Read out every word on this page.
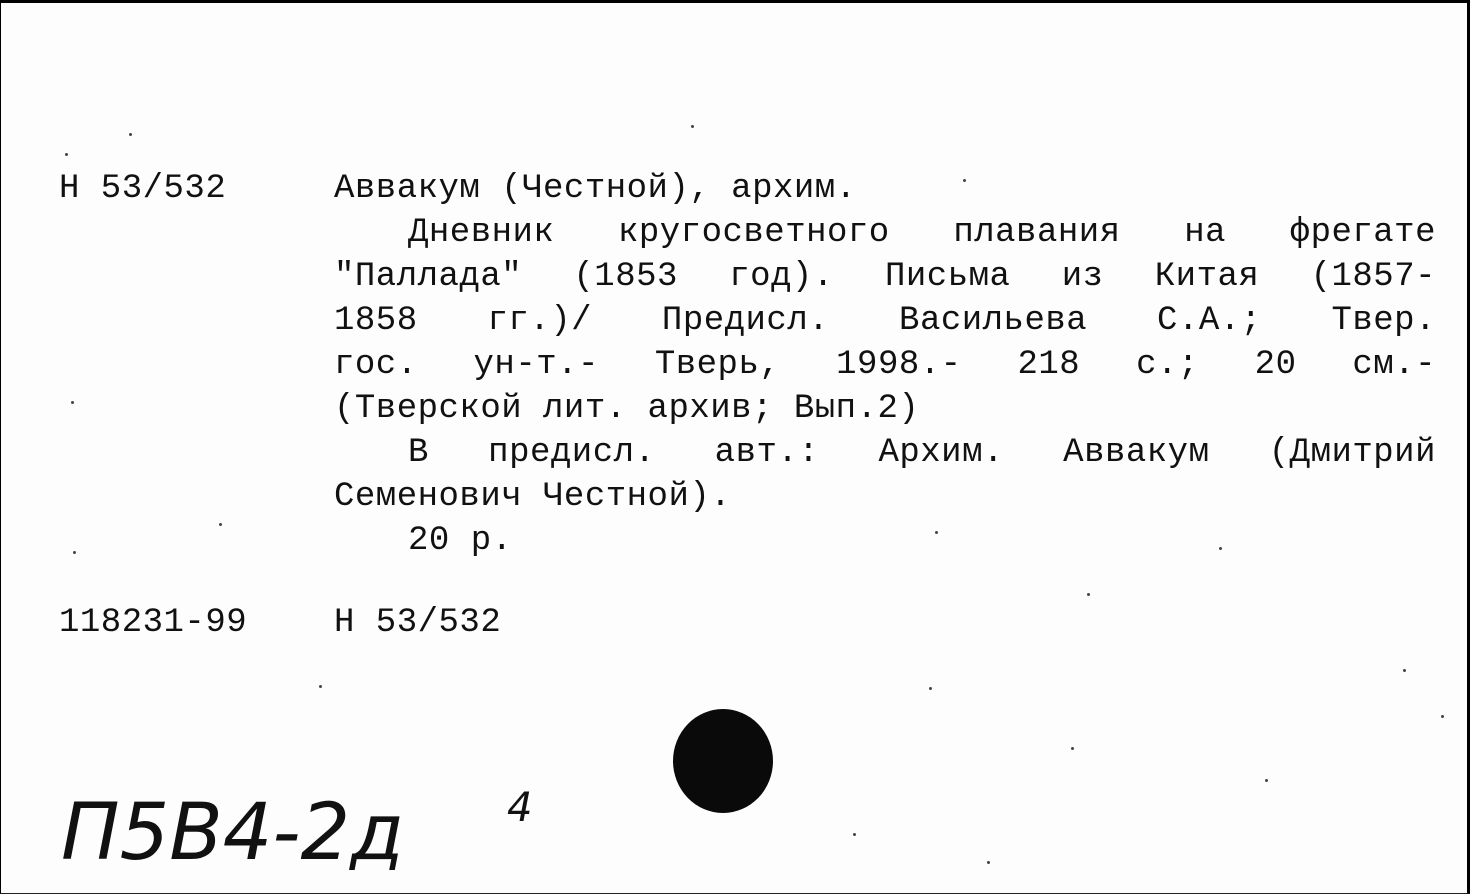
Н 53/532	Аввакум (Честной), архим.
Дневник кругосветного плавания на фрегате
"Паллада" (1853 год). Письма из Китая (1857-
1858 гг.)/ Предисл. Васильева С.А.; Твер.
гос. ун-т.- Тверь, 1998.- 218 с.; 20 см.-
(Тверской лит. архив; Вып.2)
В предисл. авт.: Архим. Аввакум (Дмитрий
Семенович Честной).
20 р.
118231-99	Н 53/532
П5В4-2д	4
